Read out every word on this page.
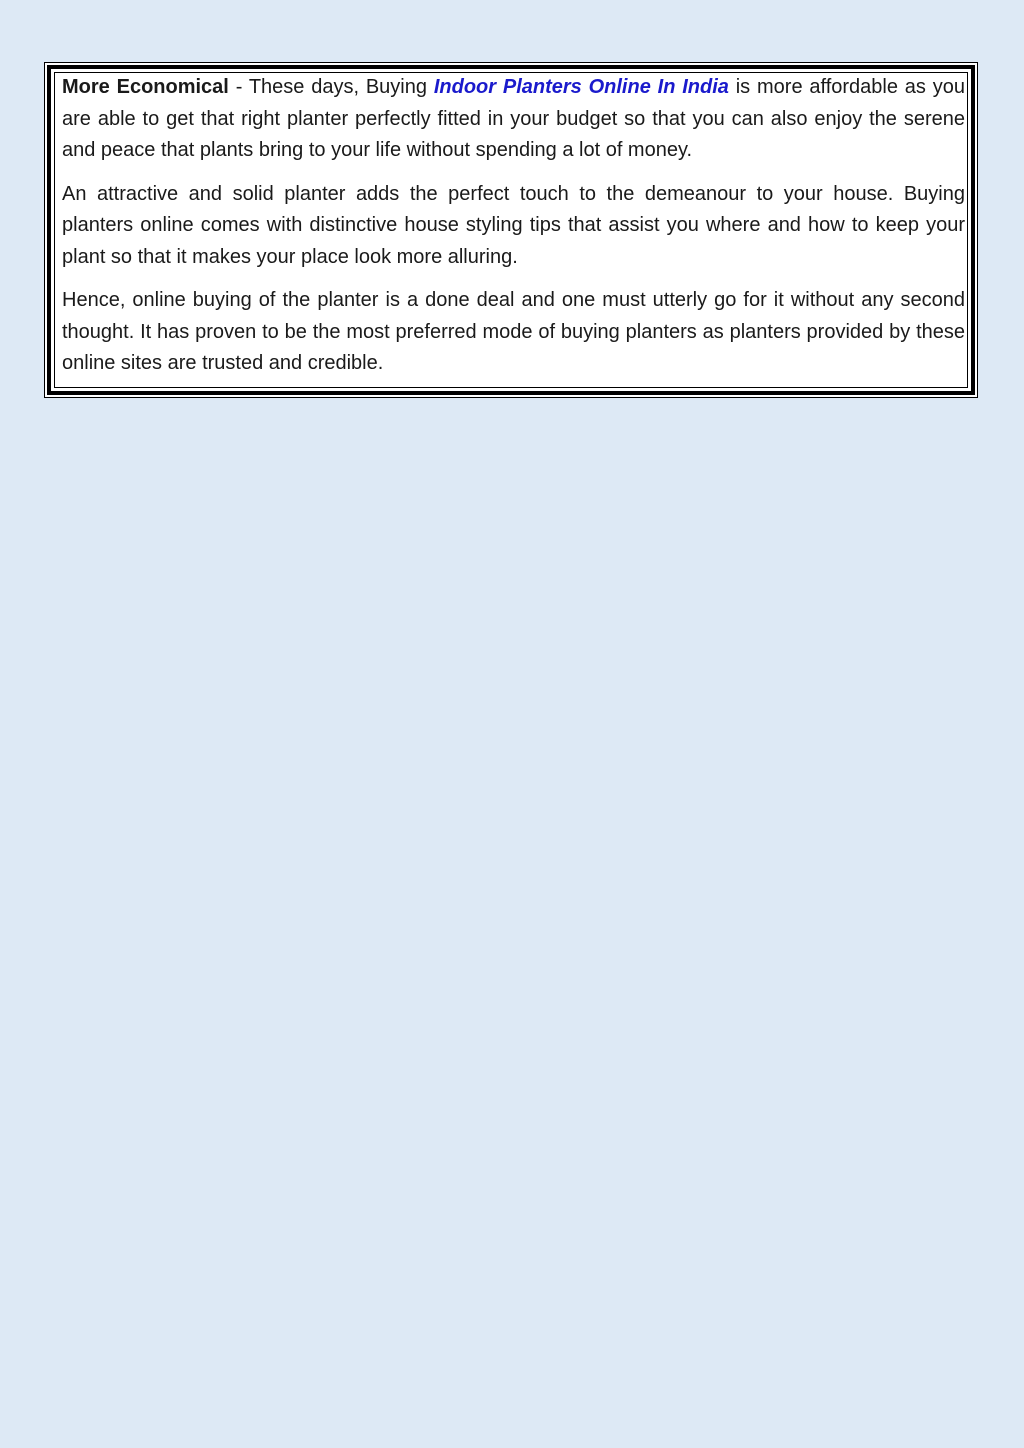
More Economical - These days, Buying Indoor Planters Online In India is more affordable as you are able to get that right planter perfectly fitted in your budget so that you can also enjoy the serene and peace that plants bring to your life without spending a lot of money.

An attractive and solid planter adds the perfect touch to the demeanour to your house. Buying planters online comes with distinctive house styling tips that assist you where and how to keep your plant so that it makes your place look more alluring.

Hence, online buying of the planter is a done deal and one must utterly go for it without any second thought. It has proven to be the most preferred mode of buying planters as planters provided by these online sites are trusted and credible.
